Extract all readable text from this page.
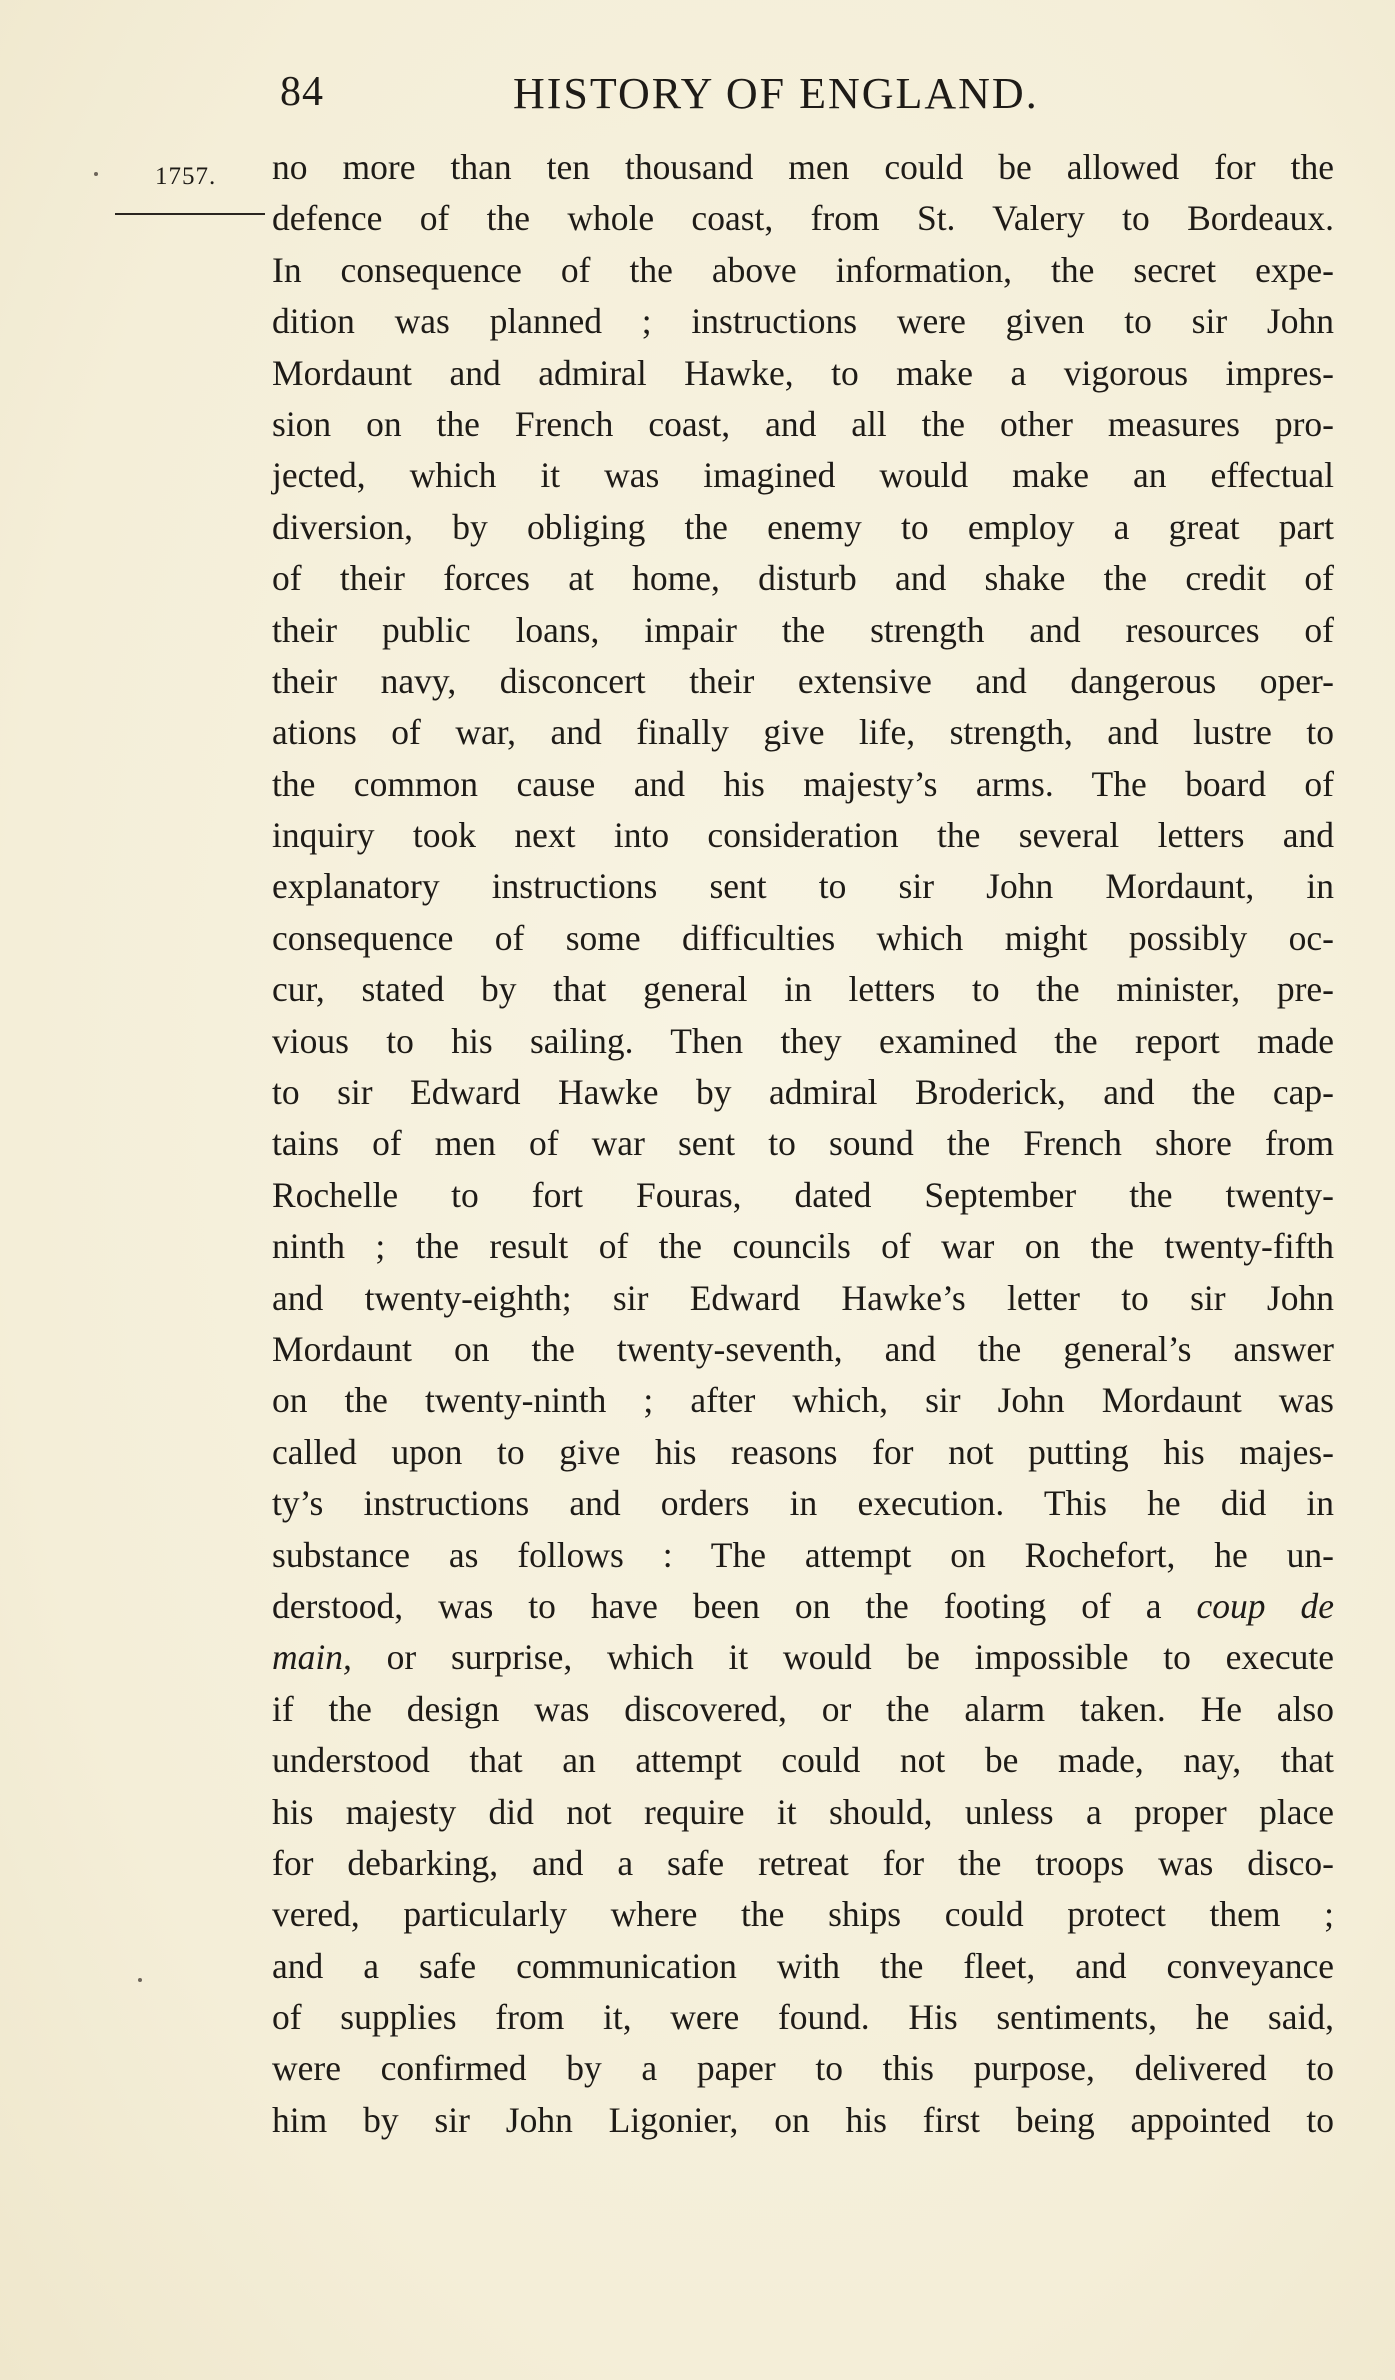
84	HISTORY OF ENGLAND.
1757. no more than ten thousand men could be allowed for the
defence of the whole coast, from St. Valery to Bordeaux.
In consequence of the above information, the secret expe-
dition was planned ; instructions were given to sir John
Mordaunt and admiral Hawke, to make a vigorous impres-
sion on the French coast, and all the other measures pro-
jected, which it was imagined would make an effectual
diversion, by obliging the enemy to employ a great part
of their forces at home, disturb and shake the credit of
their public loans, impair the strength and resources of
their navy, disconcert their extensive and dangerous oper-
ations of war, and finally give life, strength, and lustre to
the common cause and his majesty’s arms. The board of
inquiry took next into consideration the several letters and
explanatory instructions sent to sir John Mordaunt, in
consequence of some difficulties which might possibly oc-
cur, stated by that general in letters to the minister, pre-
vious to his sailing. Then they examined the report made
to sir Edward Hawke by admiral Broderick, and the cap-
tains of men of war sent to sound the French shore from
Rochelle to fort Fouras, dated September the twenty-
ninth ; the result of the councils of war on the twenty-fifth
and twenty-eighth; sir Edward Hawke’s letter to sir John
Mordaunt on the twenty-seventh, and the general’s answer
on the twenty-ninth ; after which, sir John Mordaunt was
called upon to give his reasons for not putting his majes-
ty’s instructions and orders in execution. This he did in
substance as follows : The attempt on Rochefort, he un-
derstood, was to have been on the footing of a coup de
main, or surprise, which it would be impossible to execute
if the design was discovered, or the alarm taken. He also
understood that an attempt could not be made, nay, that
his majesty did not require it should, unless a proper place
for debarking, and a safe retreat for the troops was disco-
vered, particularly where the ships could protect them ;
and a safe communication with the fleet, and conveyance
of supplies from it, were found. His sentiments, he said,
were confirmed by a paper to this purpose, delivered to
him by sir John Ligonier, on his first being appointed to
